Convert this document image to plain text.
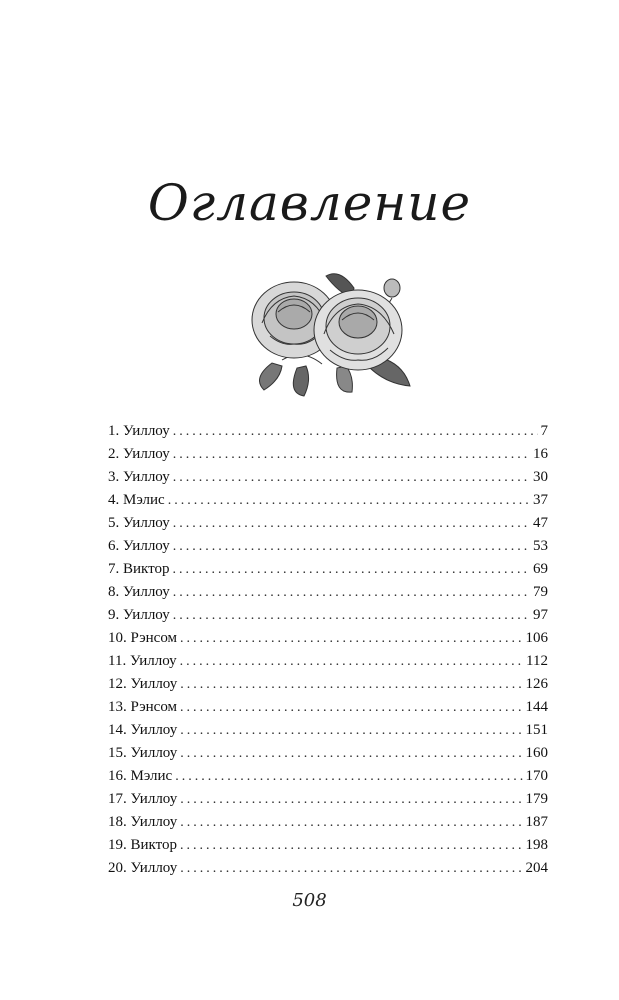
Оглавление
1. Уиллоу .....	7
2. Уиллоу .....	16
3. Уиллоу .....	30
4. Мэлис .....	37
5. Уиллоу .....	47
6. Уиллоу .....	53
7. Виктор .....	69
8. Уиллоу .....	79
9. Уиллоу .....	97
10. Рэнсом .....	106
11. Уиллоу .....	112
12. Уиллоу .....	126
13. Рэнсом .....	144
14. Уиллоу .....	151
15. Уиллоу .....	160
16. Мэлис .....	170
17. Уиллоу .....	179
18. Уиллоу .....	187
19. Виктор .....	198
20. Уиллоу .....	204
508
